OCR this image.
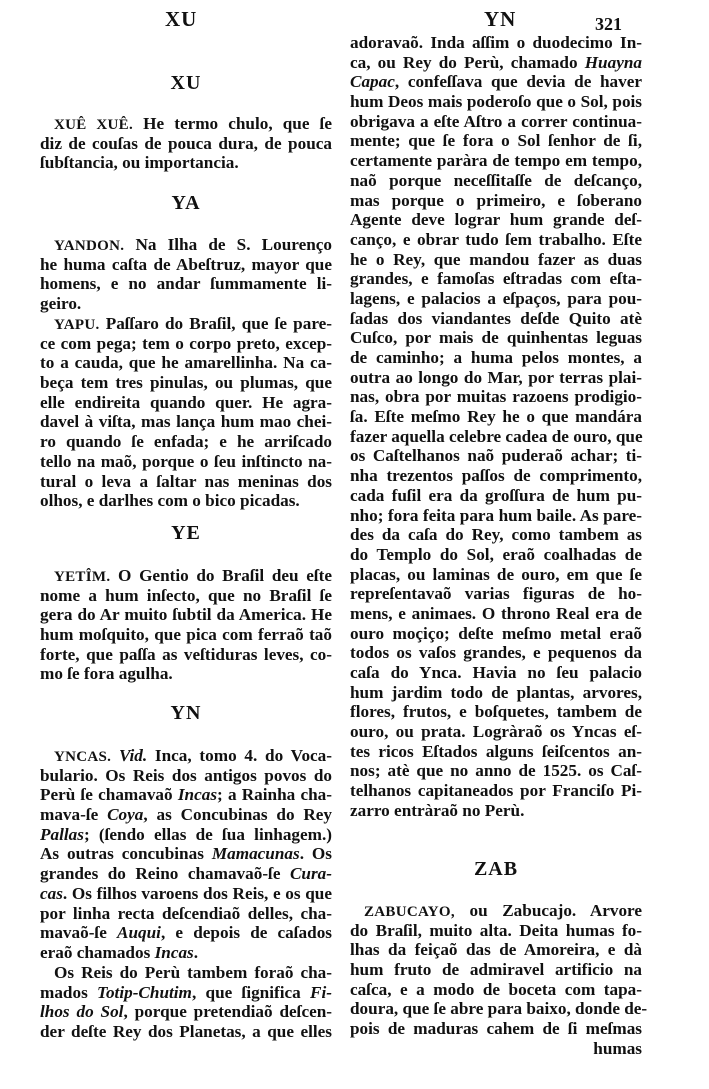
XU	YN	321
XU
XUÊ XUÊ. He termo chulo, que ſe
diz de couſas de pouca dura, de pouca
ſubſtancia, ou importancia.
YA
YANDON. Na Ilha de S. Lourenço
he huma caſta de Abeſtruz, mayor que
homens, e no andar ſummamente li-
geiro.
YAPU. Paſſaro do Braſil, que ſe pare-
ce com pega; tem o corpo preto, excep-
to a cauda, que he amarellinha. Na ca-
beça tem tres pinulas, ou plumas, que
elle endireita quando quer. He agra-
davel à viſta, mas lança hum mao chei-
ro quando ſe enfada; e he arriſcado
tello na maõ, porque o ſeu inſtincto na-
tural o leva a ſaltar nas meninas dos
olhos, e darlhes com o bico picadas.
YE
YETÎM. O Gentio do Braſil deu eſte
nome a hum inſecto, que no Braſil ſe
gera do Ar muito ſubtil da America. He
hum moſquito, que pica com ferraõ taõ
forte, que paſſa as veſtiduras leves, co-
mo ſe fora agulha.
YN
YNCAS. Vid. Inca, tomo 4. do Voca-
bulario. Os Reis dos antigos povos do
Perù ſe chamavaõ Incas; a Rainha cha-
mava-ſe Coya, as Concubinas do Rey
Pallas; (ſendo ellas de ſua linhagem.)
As outras concubinas Mamacunas. Os
grandes do Reino chamavaõ-ſe Cura-
cas. Os filhos varoens dos Reis, e os que
por linha recta deſcendiaõ delles, cha-
mavaõ-ſe Auqui, e depois de caſados
eraõ chamados Incas.
Os Reis do Perù tambem foraõ cha-
mados Totip-Chutim, que ſignifica Fi-
lhos do Sol, porque pretendiaõ deſcen-
der deſte Rey dos Planetas, a que elles
adoravaõ. Inda aſſim o duodecimo In-
ca, ou Rey do Perù, chamado Huayna
Capac, confeſſava que devia de haver
hum Deos mais poderoſo que o Sol, pois
obrigava a eſte Aſtro a correr continua-
mente; que ſe fora o Sol ſenhor de ſi,
certamente paràra de tempo em tempo,
naõ porque neceſſitaſſe de deſcanço,
mas porque o primeiro, e ſoberano
Agente deve lograr hum grande deſ-
canço, e obrar tudo ſem trabalho. Eſte
he o Rey, que mandou fazer as duas
grandes, e famoſas eſtradas com eſta-
lagens, e palacios a eſpaços, para pou-
ſadas dos viandantes deſde Quito atè
Cuſco, por mais de quinhentas leguas
de caminho; a huma pelos montes, a
outra ao longo do Mar, por terras plai-
nas, obra por muitas razoens prodigio-
ſa. Eſte meſmo Rey he o que mandára
fazer aquella celebre cadea de ouro, que
os Caſtelhanos naõ puderaõ achar; ti-
nha trezentos paſſos de comprimento,
cada fuſil era da groſſura de hum pu-
nho; fora feita para hum baile. As pare-
des da caſa do Rey, como tambem as
do Templo do Sol, eraõ coalhadas de
placas, ou laminas de ouro, em que ſe
repreſentavaõ varias figuras de ho-
mens, e animaes. O throno Real era de
ouro moçiço; deſte meſmo metal eraõ
todos os vaſos grandes, e pequenos da
caſa do Ynca. Havia no ſeu palacio
hum jardim todo de plantas, arvores,
flores, frutos, e boſquetes, tambem de
ouro, ou prata. Logràraõ os Yncas eſ-
tes ricos Eſtados alguns ſeiſcentos an-
nos; atè que no anno de 1525. os Caſ-
telhanos capitaneados por Franciſo Pi-
zarro entràraõ no Perù.
ZAB
ZABUCAYO, ou Zabucajo. Arvore
do Braſil, muito alta. Deita humas fo-
lhas da feiçaõ das de Amoreira, e dà
hum fruto de admiravel artificio na
caſca, e a modo de boceta com tapa-
doura, que ſe abre para baixo, donde de-
pois de maduras cahem de ſi meſmas
humas
